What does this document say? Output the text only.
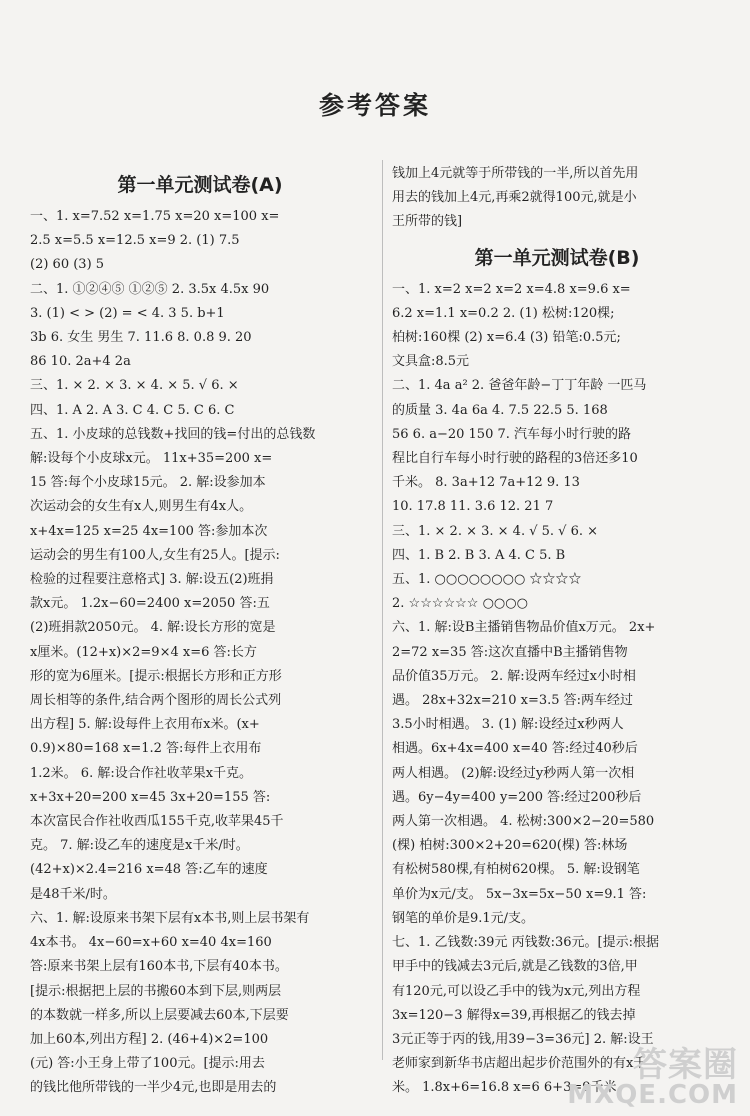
参考答案
第一单元测试卷(A)
一、1. x=7.52 x=1.75 x=20 x=100 x=
2.5 x=5.5 x=12.5 x=9 2. (1) 7.5
(2) 60 (3) 5
二、1. ①②④⑤ ①②⑤ 2. 3.5x 4.5x 90
3. (1) < > (2) = < 4. 3 5. b+1
3b 6. 女生 男生 7. 11.6 8. 0.8 9. 20
86 10. 2a+4 2a
三、1. × 2. × 3. × 4. × 5. √ 6. ×
四、1. A 2. A 3. C 4. C 5. C 6. C
五、1. 小皮球的总钱数+找回的钱=付出的总钱数
解:设每个小皮球x元。 11x+35=200 x=
15 答:每个小皮球15元。 2. 解:设参加本
次运动会的女生有x人,则男生有4x人。
x+4x=125 x=25 4x=100 答:参加本次
运动会的男生有100人,女生有25人。[提示:
检验的过程要注意格式] 3. 解:设五(2)班捐
款x元。 1.2x−60=2400 x=2050 答:五
(2)班捐款2050元。 4. 解:设长方形的宽是
x厘米。(12+x)×2=9×4 x=6 答:长方
形的宽为6厘米。[提示:根据长方形和正方形
周长相等的条件,结合两个图形的周长公式列
出方程] 5. 解:设每件上衣用布x米。(x+
0.9)×80=168 x=1.2 答:每件上衣用布
1.2米。 6. 解:设合作社收苹果x千克。
x+3x+20=200 x=45 3x+20=155 答:
本次富民合作社收西瓜155千克,收苹果45千
克。 7. 解:设乙车的速度是x千米/时。
(42+x)×2.4=216 x=48 答:乙车的速度
是48千米/时。
六、1. 解:设原来书架下层有x本书,则上层书架有
4x本书。 4x−60=x+60 x=40 4x=160
答:原来书架上层有160本书,下层有40本书。
[提示:根据把上层的书搬60本到下层,则两层
的本数就一样多,所以上层要减去60本,下层要
加上60本,列出方程] 2. (46+4)×2=100
(元) 答:小王身上带了100元。[提示:用去
的钱比他所带钱的一半少4元,也即是用去的
钱加上4元就等于所带钱的一半,所以首先用
用去的钱加上4元,再乘2就得100元,就是小
王所带的钱]
第一单元测试卷(B)
一、1. x=2 x=2 x=2 x=4.8 x=9.6 x=
6.2 x=1.1 x=0.2 2. (1) 松树:120棵;
柏树:160棵 (2) x=6.4 (3) 铅笔:0.5元;
文具盒:8.5元
二、1. 4a a² 2. 爸爸年龄−丁丁年龄 一匹马
的质量 3. 4a 6a 4. 7.5 22.5 5. 168
56 6. a−20 150 7. 汽车每小时行驶的路
程比自行车每小时行驶的路程的3倍还多10
千米。 8. 3a+12 7a+12 9. 13
10. 17.8 11. 3.6 12. 21 7
三、1. × 2. × 3. × 4. √ 5. √ 6. ×
四、1. B 2. B 3. A 4. C 5. B
五、1. ○○○○○○○○ ☆☆☆☆
2. ☆☆☆☆☆☆ ○○○○
六、1. 解:设B主播销售物品价值x万元。 2x+
2=72 x=35 答:这次直播中B主播销售物
品价值35万元。 2. 解:设两车经过x小时相
遇。 28x+32x=210 x=3.5 答:两车经过
3.5小时相遇。 3. (1) 解:设经过x秒两人
相遇。6x+4x=400 x=40 答:经过40秒后
两人相遇。 (2)解:设经过y秒两人第一次相
遇。6y−4y=400 y=200 答:经过200秒后
两人第一次相遇。 4. 松树:300×2−20=580
(棵) 柏树:300×2+20=620(棵) 答:林场
有松树580棵,有柏树620棵。 5. 解:设钢笔
单价为x元/支。 5x−3x=5x−50 x=9.1 答:
钢笔的单价是9.1元/支。
七、1. 乙钱数:39元 丙钱数:36元。[提示:根据
甲手中的钱减去3元后,就是乙钱数的3倍,甲
有120元,可以设乙手中的钱为x元,列出方程
3x=120−3 解得x=39,再根据乙的钱去掉
3元正等于丙的钱,用39−3=36元] 2. 解:设王
老师家到新华书店超出起步价范围外的有x千
米。 1.8x+6=16.8 x=6 6+3=9千米
答案圈
MXQE.COM
